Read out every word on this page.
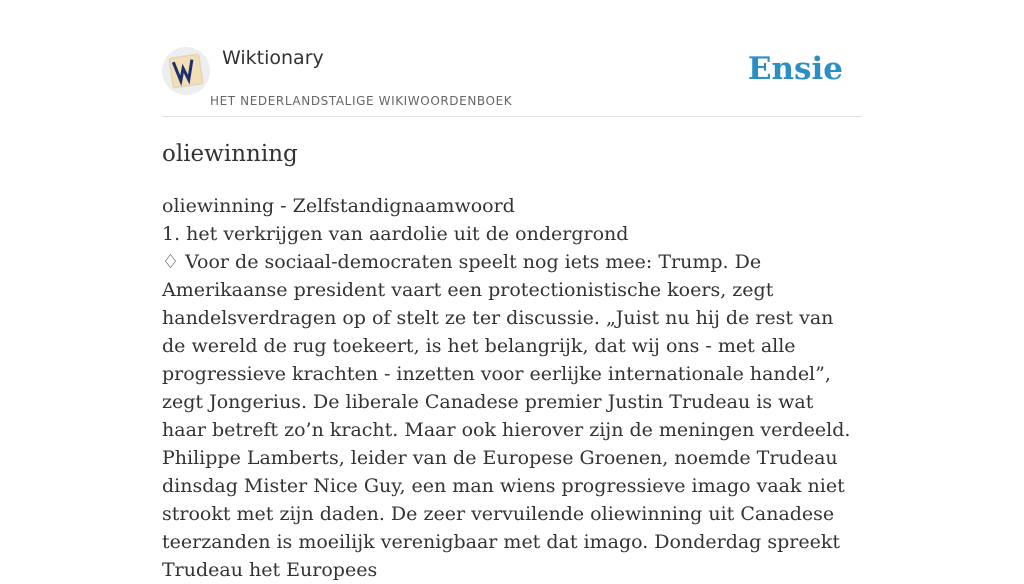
Wiktionary
HET NEDERLANDSTALIGE WIKIWOORDENBOEK
Ensie
oliewinning

oliewinning - Zelfstandignaamwoord

1. het verkrijgen van aardolie uit de ondergrond

♢ Voor de sociaal-democraten speelt nog iets mee: Trump. De Amerikaanse president vaart een protectionistische koers, zegt handelsverdragen op of stelt ze ter discussie. „Juist nu hij de rest van de wereld de rug toekeert, is het belangrijk, dat wij ons - met alle progressieve krachten - inzetten voor eerlijke internationale handel”, zegt Jongerius. De liberale Canadese premier Justin Trudeau is wat haar betreft zo’n kracht. Maar ook hierover zijn de meningen verdeeld. Philippe Lamberts, leider van de Europese Groenen, noemde Trudeau dinsdag Mister Nice Guy, een man wiens progressieve imago vaak niet strookt met zijn daden. De zeer vervuilende oliewinning uit Canadese teerzanden is moeilijk verenigbaar met dat imago. Donderdag spreekt Trudeau het Europees
